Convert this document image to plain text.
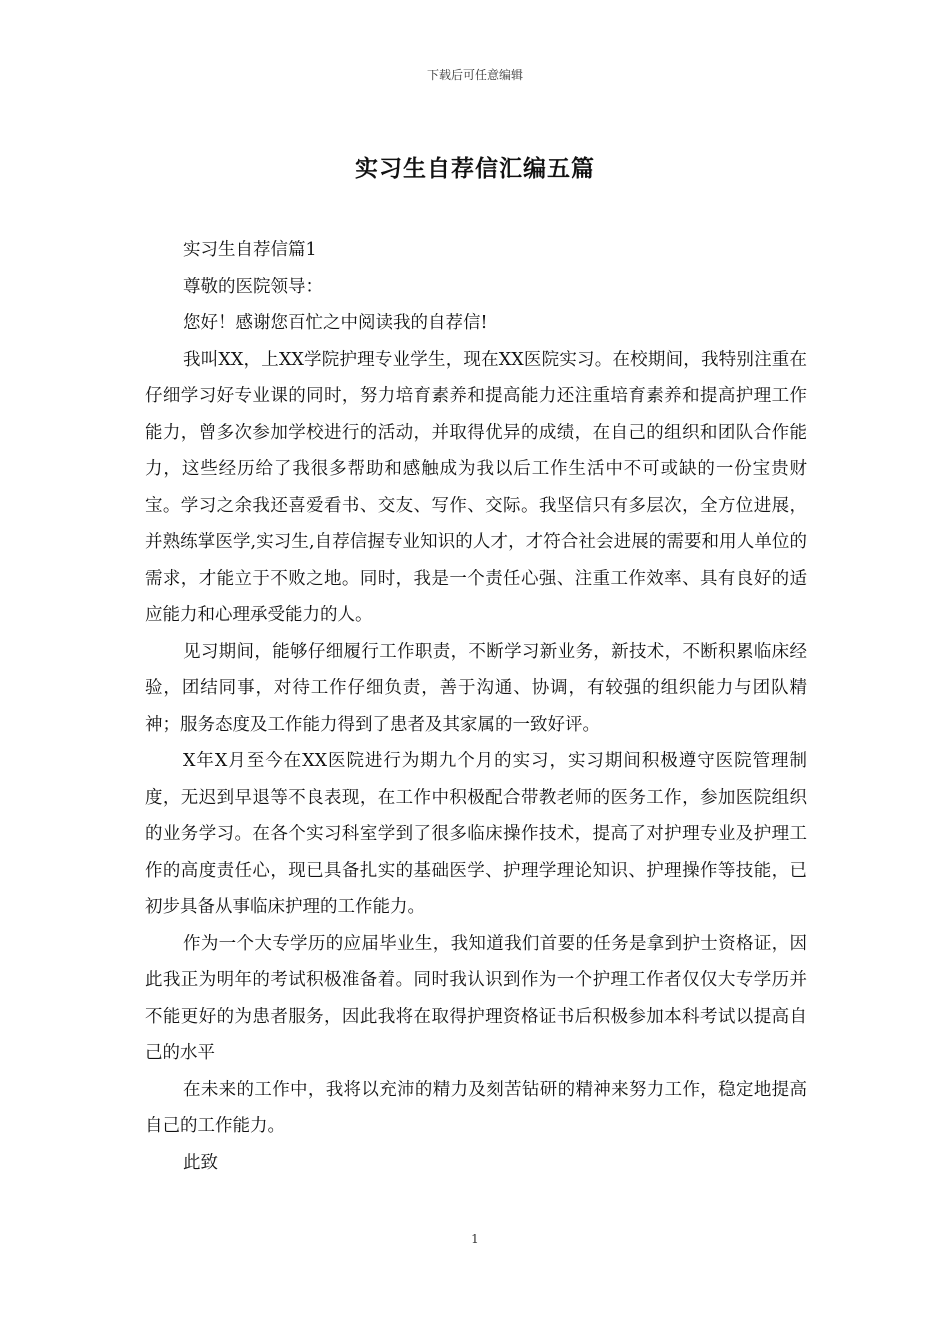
下载后可任意编辑
实习生自荐信汇编五篇

实习生自荐信篇1

尊敬的医院领导：

您好！感谢您百忙之中阅读我的自荐信!

我叫XX，上XX学院护理专业学生，现在XX医院实习。在校期间，我特别注重在仔细学习好专业课的同时，努力培育素养和提高能力还注重培育素养和提高护理工作能力，曾多次参加学校进行的活动，并取得优异的成绩，在自己的组织和团队合作能力，这些经历给了我很多帮助和感触成为我以后工作生活中不可或缺的一份宝贵财宝。学习之余我还喜爱看书、交友、写作、交际。我坚信只有多层次，全方位进展，并熟练掌医学,实习生,自荐信握专业知识的人才，才符合社会进展的需要和用人单位的需求，才能立于不败之地。同时，我是一个责任心强、注重工作效率、具有良好的适应能力和心理承受能力的人。

见习期间，能够仔细履行工作职责，不断学习新业务，新技术，不断积累临床经验，团结同事，对待工作仔细负责，善于沟通、协调，有较强的组织能力与团队精神；服务态度及工作能力得到了患者及其家属的一致好评。

X年X月至今在XX医院进行为期九个月的实习，实习期间积极遵守医院管理制度，无迟到早退等不良表现，在工作中积极配合带教老师的医务工作，参加医院组织的业务学习。在各个实习科室学到了很多临床操作技术，提高了对护理专业及护理工作的高度责任心，现已具备扎实的基础医学、护理学理论知识、护理操作等技能，已初步具备从事临床护理的工作能力。

作为一个大专学历的应届毕业生，我知道我们首要的任务是拿到护士资格证，因此我正为明年的考试积极准备着。同时我认识到作为一个护理工作者仅仅大专学历并不能更好的为患者服务，因此我将在取得护理资格证书后积极参加本科考试以提高自己的水平

在未来的工作中，我将以充沛的精力及刻苦钻研的精神来努力工作，稳定地提高自己的工作能力。

此致

1
